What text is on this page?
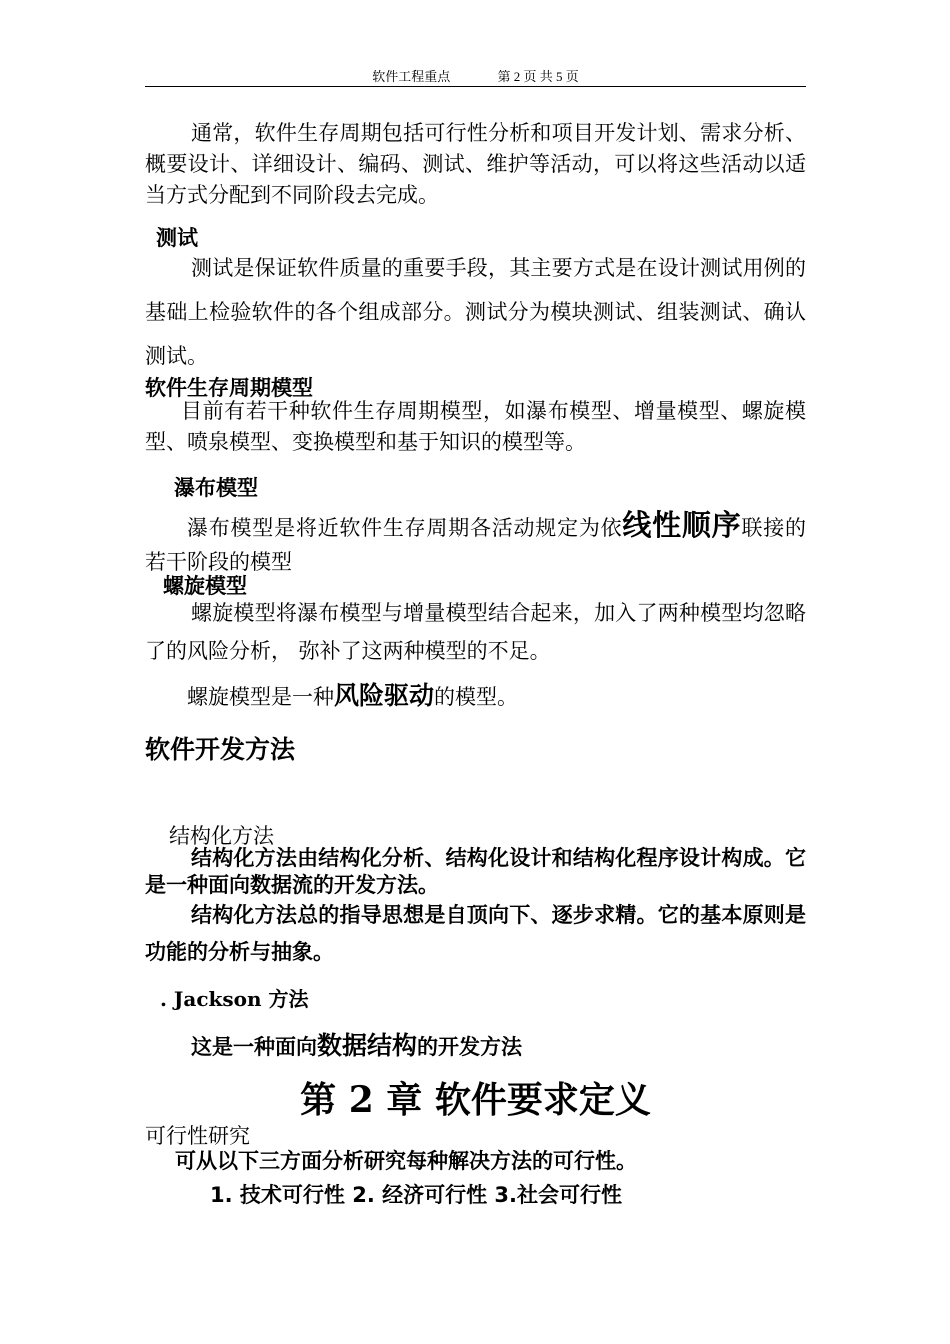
软件工程重点	第 2 页 共 5 页

通常，软件生存周期包括可行性分析和项目开发计划、需求分析、概要设计、详细设计、编码、测试、维护等活动，可以将这些活动以适当方式分配到不同阶段去完成。

测试

测试是保证软件质量的重要手段，其主要方式是在设计测试用例的基础上检验软件的各个组成部分。测试分为模块测试、组装测试、确认测试。

软件生存周期模型

目前有若干种软件生存周期模型，如瀑布模型、增量模型、螺旋模型、喷泉模型、变换模型和基于知识的模型等。

瀑布模型

瀑布模型是将近软件生存周期各活动规定为依线性顺序联接的若干阶段的模型

螺旋模型

螺旋模型将瀑布模型与增量模型结合起来，加入了两种模型均忽略了的风险分析， 弥补了这两种模型的不足。

螺旋模型是一种风险驱动的模型。

软件开发方法
结构化方法

结构化方法由结构化分析、结构化设计和结构化程序设计构成。它是一种面向数据流的开发方法。

结构化方法总的指导思想是自顶向下、逐步求精。它的基本原则是功能的分析与抽象。

. Jackson 方法

这是一种面向数据结构的开发方法

第 2 章 软件要求定义
可行性研究

可从以下三方面分析研究每种解决方法的可行性。

1. 技术可行性 2. 经济可行性 3.社会可行性
